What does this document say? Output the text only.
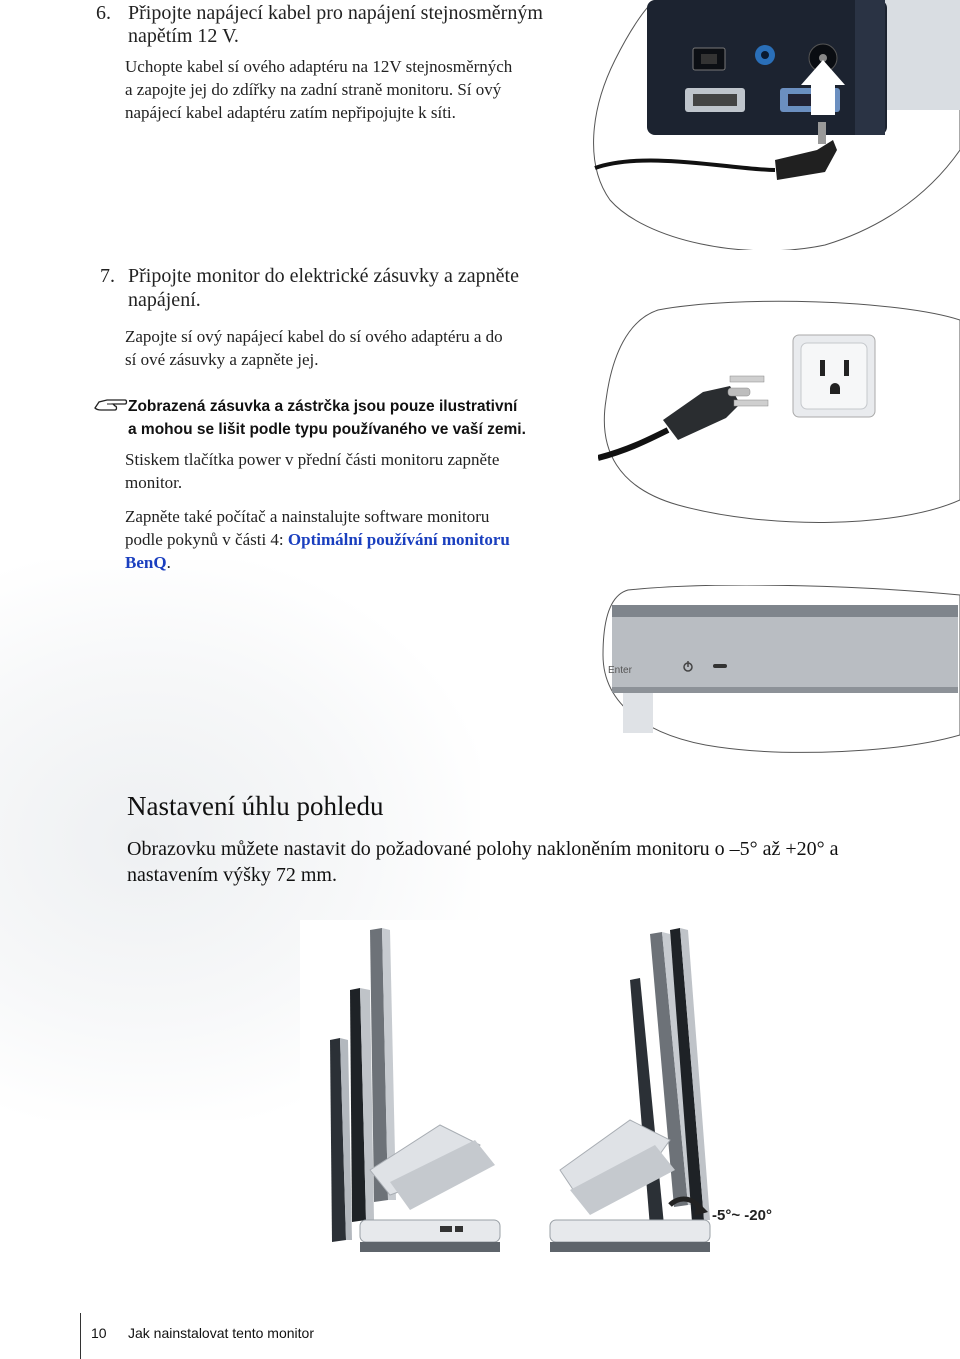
6. Připojte napájecí kabel pro napájení stejnosměrným
napětím 12 V.
Uchopte kabel sí ového adaptéru na 12V stejnosměrných
a zapojte jej do zdířky na zadní straně monitoru. Sí ový
napájecí kabel adaptéru zatím nepřipojujte k síti.
7. Připojte monitor do elektrické zásuvky a zapněte
napájení.
Zapojte sí ový napájecí kabel do sí ového adaptéru a do
sí ové zásuvky a zapněte jej.
Zobrazená zásuvka a zástrčka jsou pouze ilustrativní
a mohou se lišit podle typu používaného ve vaší zemi.
Stiskem tlačítka power v přední části monitoru zapněte
monitor.
Zapněte také počítač a nainstalujte software monitoru
podle pokynů v části 4: Optimální používání monitoru
BenQ.
Enter
Nastavení úhlu pohledu
Obrazovku můžete nastavit do požadované polohy nakloněním monitoru o –5° až +20° a
nastavením výšky 72 mm.
-5°~ -20°
10 Jak nainstalovat tento monitor
